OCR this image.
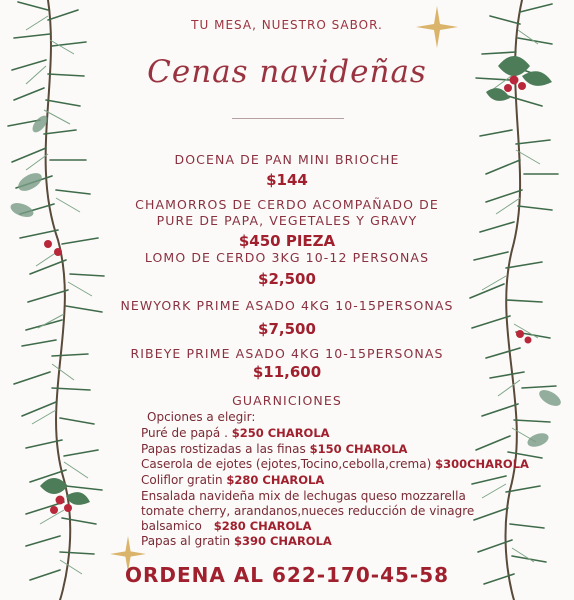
TU MESA, NUESTRO SABOR.
Cenas navideñas
DOCENA DE PAN MINI BRIOCHE
$144
CHAMORROS DE CERDO ACOMPAÑADO DE
PURE DE PAPA, VEGETALES Y GRAVY
$450 PIEZA
LOMO DE CERDO 3KG 10-12 PERSONAS
$2,500
NEWYORK PRIME ASADO 4KG 10-15PERSONAS
$7,500
RIBEYE PRIME ASADO 4KG 10-15PERSONAS
$11,600
GUARNICIONES
Opciones a elegir:
Puré de papá . $250 CHAROLA
Papas rostizadas a las finas $150 CHAROLA
Caserola de ejotes (ejotes,Tocino,cebolla,crema) $300CHAROLA
Coliflor gratin $280 CHAROLA
Ensalada navideña mix de lechugas queso mozzarella
tomate cherry, arandanos,nueces reducción de vinagre
balsamico $280 CHAROLA
Papas al gratin $390 CHAROLA
ORDENA AL 622-170-45-58
